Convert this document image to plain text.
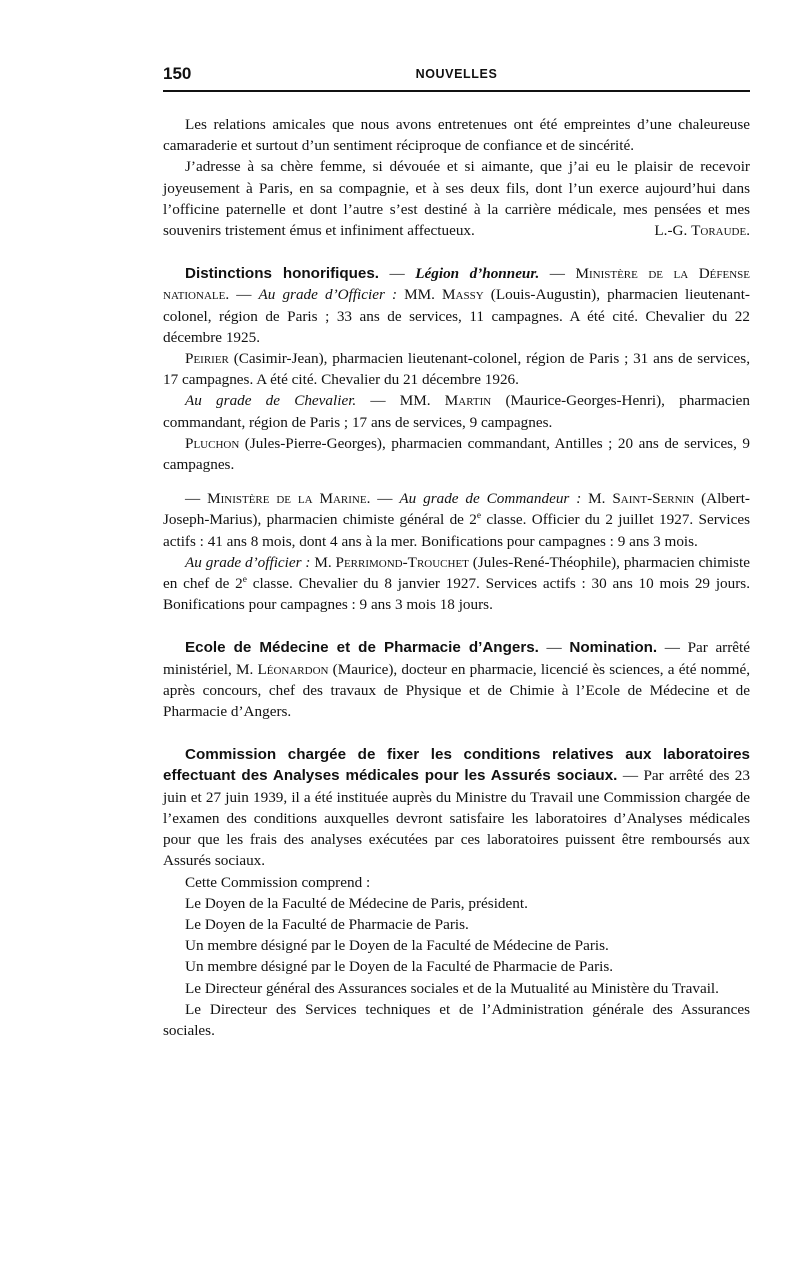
150	NOUVELLES

Les relations amicales que nous avons entretenues ont été empreintes d’une chaleureuse camaraderie et surtout d’un sentiment réciproque de confiance et de sincérité.

J’adresse à sa chère femme, si dévouée et si aimante, que j’ai eu le plaisir de recevoir joyeusement à Paris, en sa compagnie, et à ses deux fils, dont l’un exerce aujourd’hui dans l’officine paternelle et dont l’autre s’est destiné à la carrière médicale, mes pensées et mes souvenirs tristement émus et infiniment affectueux.	L.-G. Toraude.

Distinctions honorifiques. — Légion d’honneur. — Ministère de la Défense nationale. — Au grade d’Officier : MM. Massy (Louis-Augustin), pharmacien lieutenant-colonel, région de Paris ; 33 ans de services, 11 campagnes. A été cité. Chevalier du 22 décembre 1925.

Peirier (Casimir-Jean), pharmacien lieutenant-colonel, région de Paris ; 31 ans de services, 17 campagnes. A été cité. Chevalier du 21 décembre 1926.

Au grade de Chevalier. — MM. Martin (Maurice-Georges-Henri), pharmacien commandant, région de Paris ; 17 ans de services, 9 campagnes.

Pluchon (Jules-Pierre-Georges), pharmacien commandant, Antilles ; 20 ans de services, 9 campagnes.

— Ministère de la Marine. — Au grade de Commandeur : M. Saint-Sernin (Albert-Joseph-Marius), pharmacien chimiste général de 2e classe. Officier du 2 juillet 1927. Services actifs : 41 ans 8 mois, dont 4 ans à la mer. Bonifications pour campagnes : 9 ans 3 mois.

Au grade d’officier : M. Perrimond-Trouchet (Jules-René-Théophile), pharmacien chimiste en chef de 2e classe. Chevalier du 8 janvier 1927. Services actifs : 30 ans 10 mois 29 jours. Bonifications pour campagnes : 9 ans 3 mois 18 jours.

Ecole de Médecine et de Pharmacie d’Angers. — Nomination. — Par arrêté ministériel, M. Léonardon (Maurice), docteur en pharmacie, licencié ès sciences, a été nommé, après concours, chef des travaux de Physique et de Chimie à l’Ecole de Médecine et de Pharmacie d’Angers.

Commission chargée de fixer les conditions relatives aux laboratoires effectuant des Analyses médicales pour les Assurés sociaux. — Par arrêté des 23 juin et 27 juin 1939, il a été instituée auprès du Ministre du Travail une Commission chargée de l’examen des conditions auxquelles devront satisfaire les laboratoires d’Analyses médicales pour que les frais des analyses exécutées par ces laboratoires puissent être remboursés aux Assurés sociaux.

Cette Commission comprend :

Le Doyen de la Faculté de Médecine de Paris, président.

Le Doyen de la Faculté de Pharmacie de Paris.

Un membre désigné par le Doyen de la Faculté de Médecine de Paris.

Un membre désigné par le Doyen de la Faculté de Pharmacie de Paris.

Le Directeur général des Assurances sociales et de la Mutualité au Ministère du Travail.

Le Directeur des Services techniques et de l’Administration générale des Assurances sociales.
